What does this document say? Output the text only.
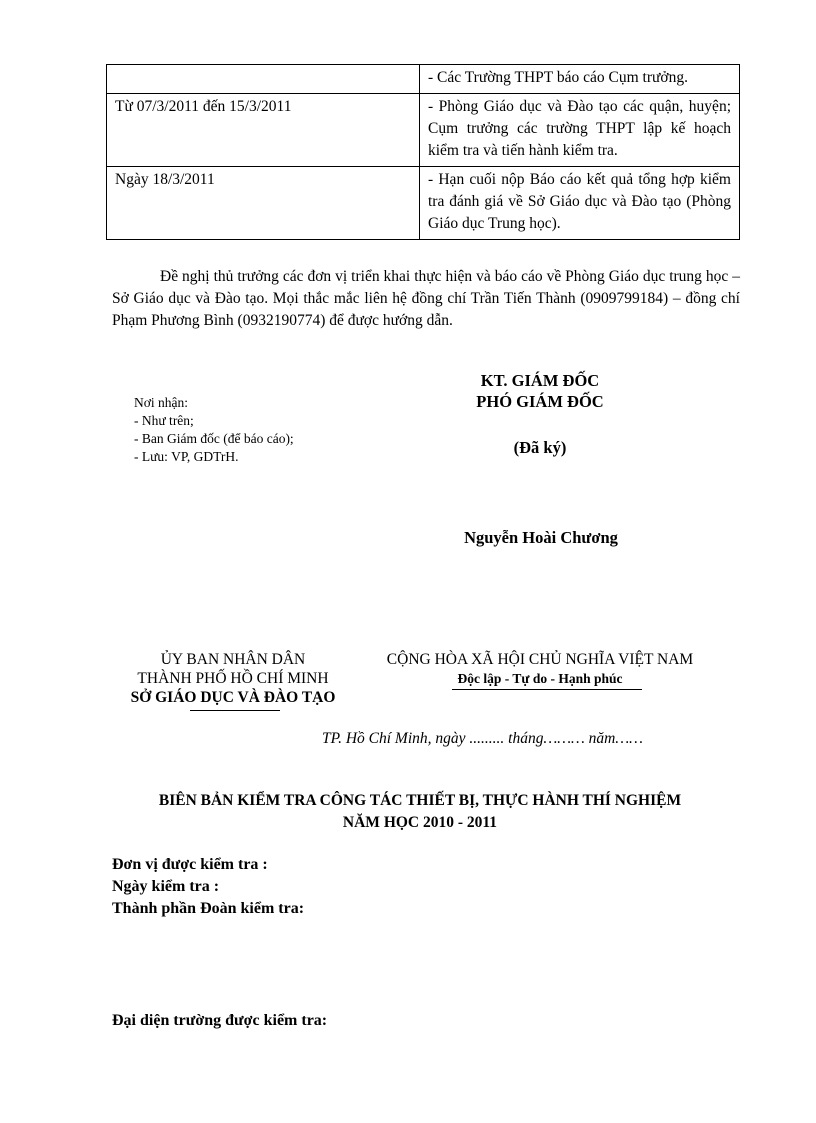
	- Các Trường THPT báo cáo Cụm trưởng.
Từ 07/3/2011 đến 15/3/2011	- Phòng Giáo dục và Đào tạo các quận, huyện; Cụm trưởng các trường THPT lập kế hoạch kiểm tra và tiến hành kiểm tra.
Ngày 18/3/2011	- Hạn cuối nộp Báo cáo kết quả tổng hợp kiểm tra đánh giá về Sở Giáo dục và Đào tạo (Phòng Giáo dục Trung học).
Đề nghị thủ trưởng các đơn vị triển khai thực hiện và báo cáo về Phòng Giáo dục trung học – Sở Giáo dục và Đào tạo. Mọi thắc mắc liên hệ đồng chí Trần Tiến Thành (0909799184) – đồng chí Phạm Phương Bình (0932190774) để được hướng dẫn.
Nơi nhận:
- Như trên;
- Ban Giám đốc (để báo cáo);
- Lưu: VP, GDTrH.
KT. GIÁM ĐỐC
PHÓ GIÁM ĐỐC
(Đã ký)
Nguyễn Hoài Chương
ỦY BAN NHÂN DÂN
THÀNH PHỐ HỒ CHÍ MINH
SỞ GIÁO DỤC VÀ ĐÀO TẠO
CỘNG HÒA XÃ HỘI CHỦ NGHĨA VIỆT NAM
Độc lập - Tự do - Hạnh phúc
TP. Hồ Chí Minh, ngày ......... tháng……… năm……
BIÊN BẢN KIỂM TRA CÔNG TÁC THIẾT BỊ, THỰC HÀNH THÍ NGHIỆM
NĂM HỌC 2010 - 2011
Đơn vị được kiểm tra :
Ngày kiểm tra :
Thành phần Đoàn kiểm tra:
Đại diện trường được kiểm tra:
